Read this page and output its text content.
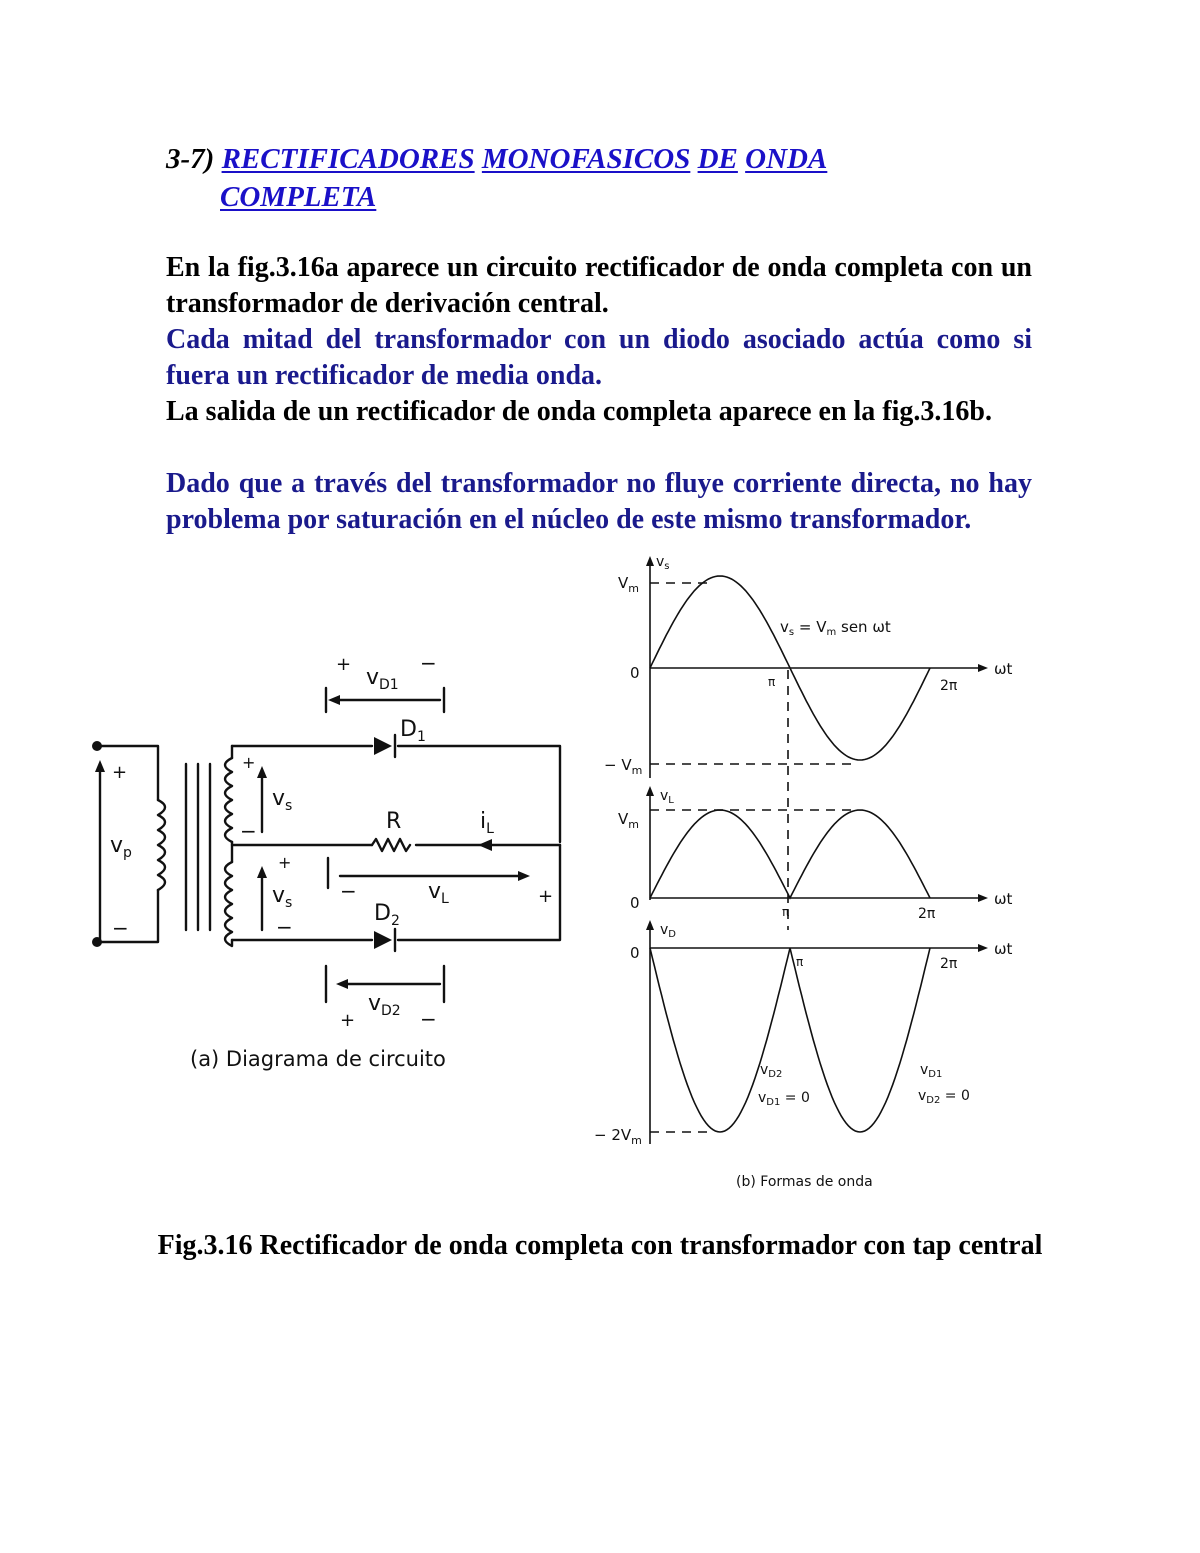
3-7) RECTIFICADORES MONOFASICOS DE ONDA
COMPLETA
En la fig.3.16a aparece un circuito rectificador de onda completa con un transformador de derivación central.
Cada mitad del transformador con un diodo asociado actúa como si fuera un rectificador de media onda.
La salida de un rectificador de onda completa aparece en la fig.3.16b.
Dado que a través del transformador no fluye corriente directa, no hay problema por saturación en el núcleo de este mismo transformador.
+
−
$v_p$
$D_1$
$D_2$
+
−
$v_s$
+
−
$v_s$
R	$i_L$
−	+
$v_L$
+	−
$v_{D1}$
+	−
$v_{D2}$
(a) Diagrama de circuito
$v_s$
$V_m$
0
− $V_m$
$v_s = V_m$ sen ωt
π	2π
ωt
$v_L$
$V_m$
0	π	2π
ωt
$v_D$
0	π	2π
ωt
− $2V_m$
$v_{D2}$
$v_{D1} = 0$
$v_{D1}$
$v_{D2} = 0$
(b) Formas de onda
Fig.3.16 Rectificador de onda completa con transformador con tap central
